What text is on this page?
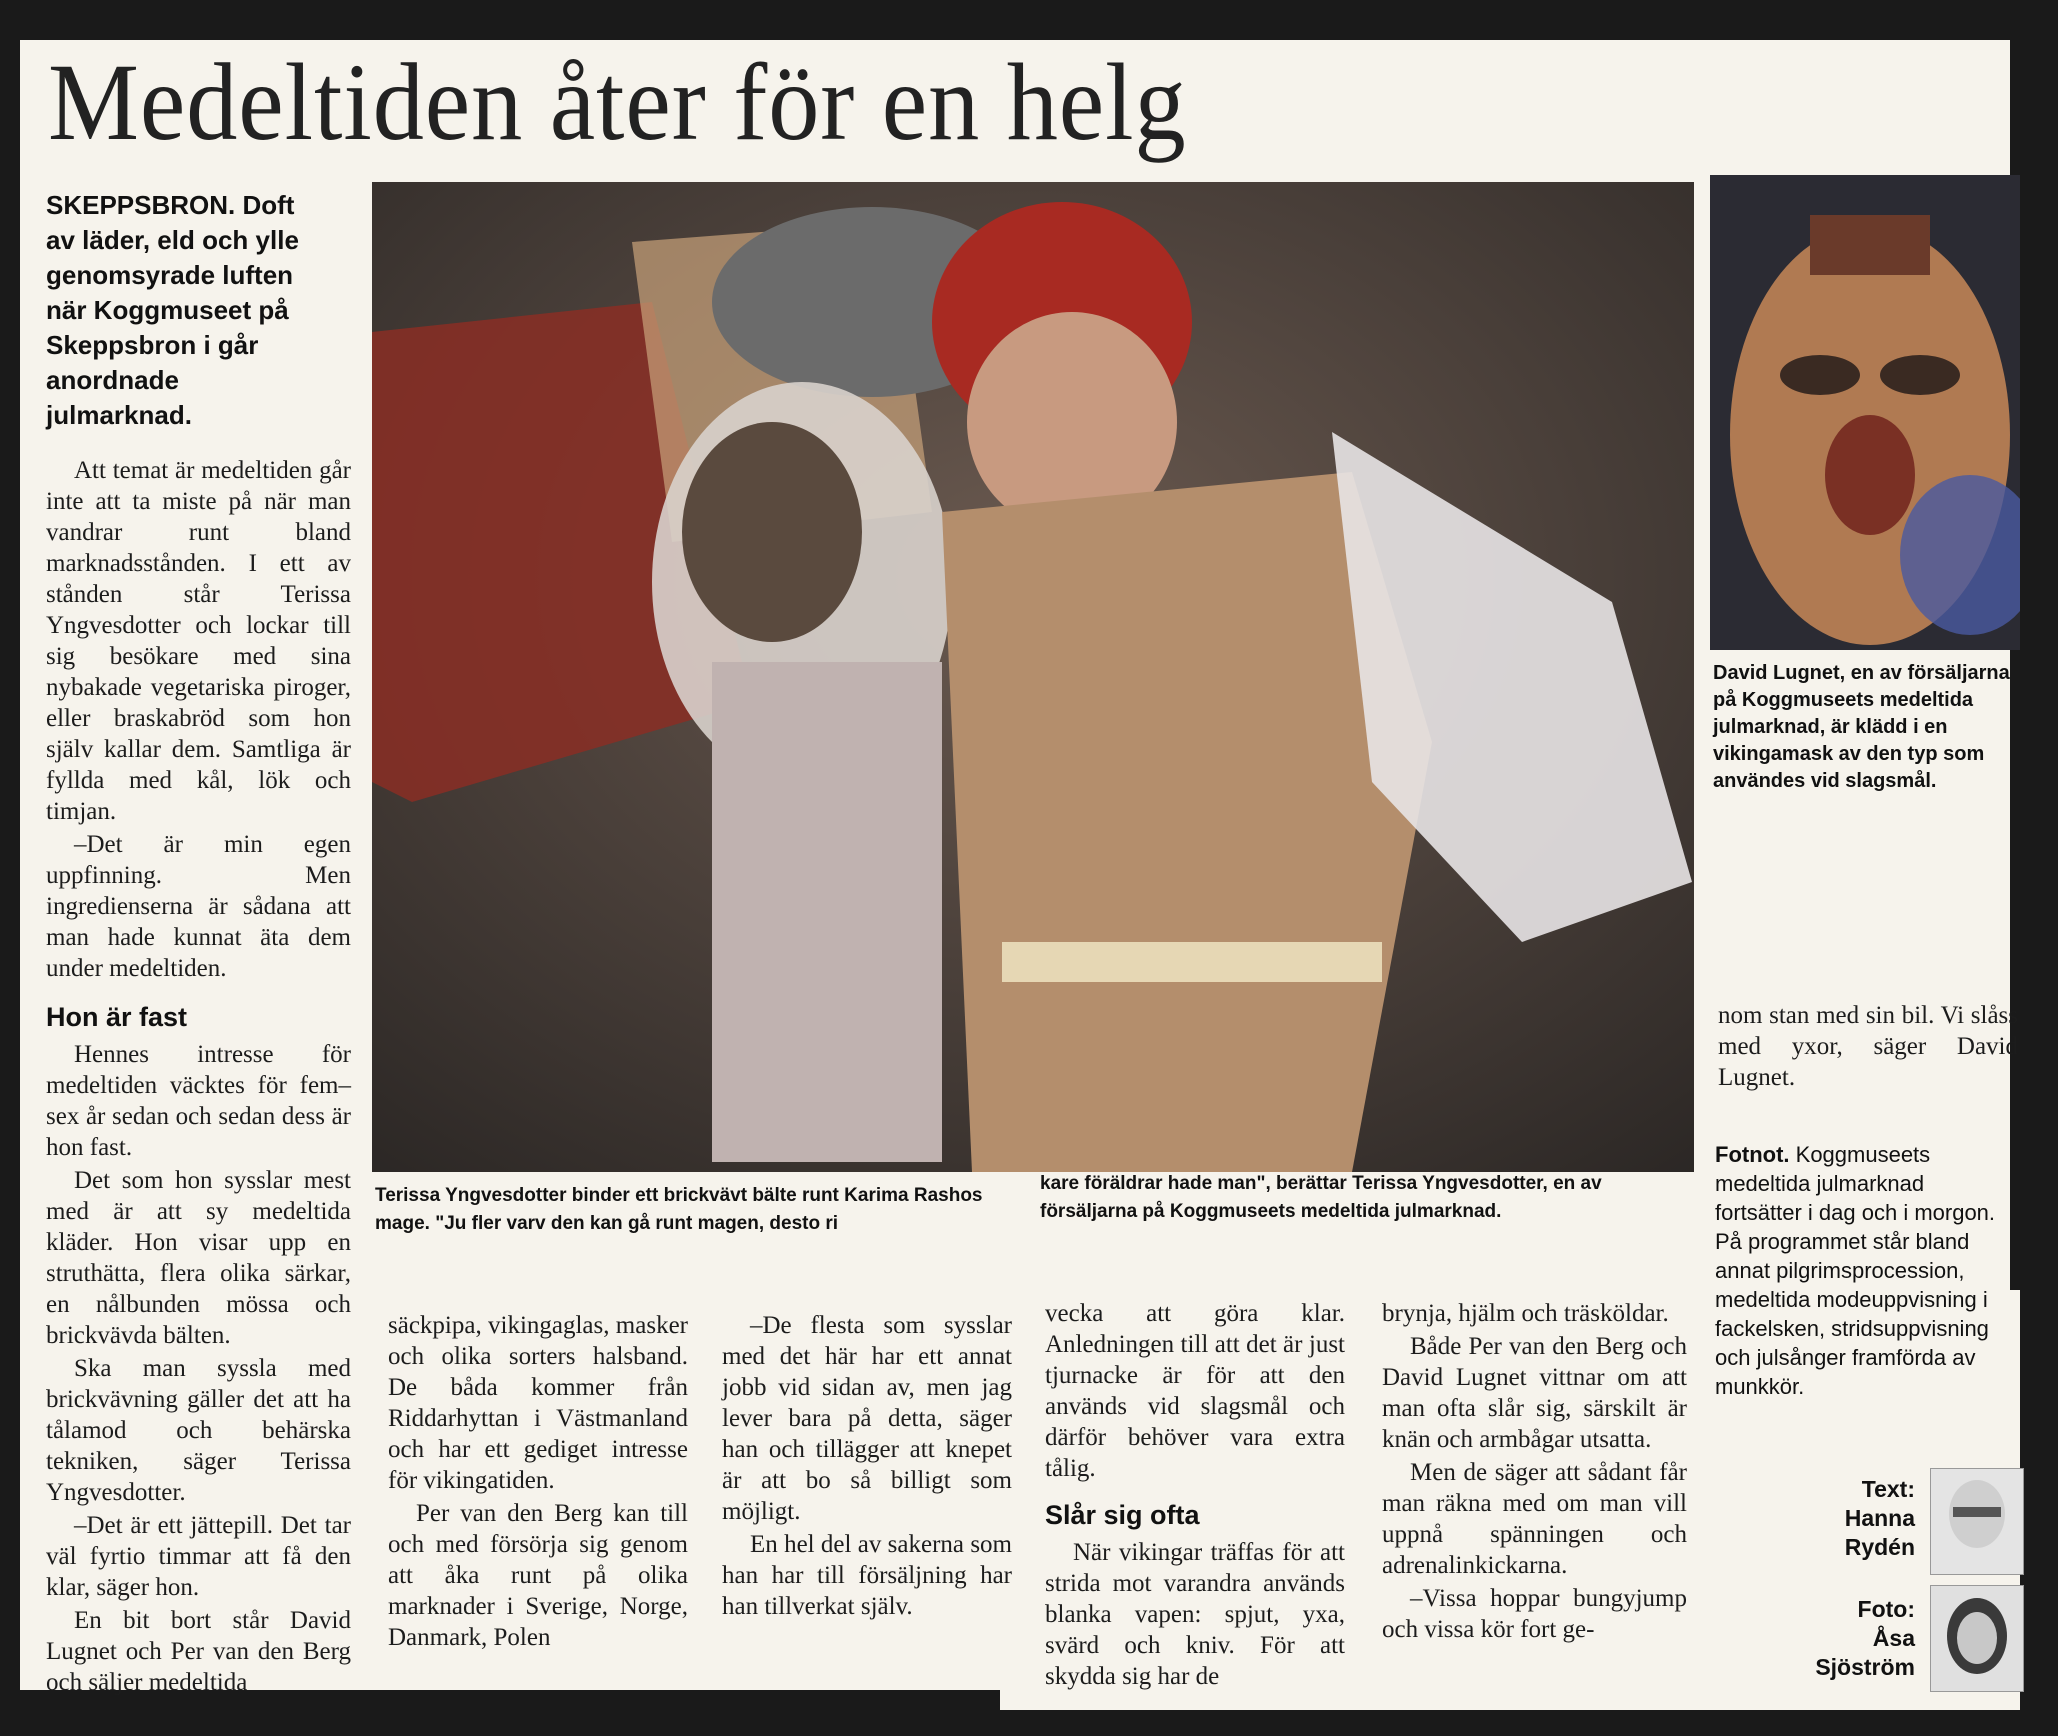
Medeltiden åter för en helg
SKEPPSBRON. Doft av läder, eld och ylle genomsyrade luften när Koggmuseet på Skeppsbron i går anordnade julmarknad.

Att temat är medeltiden går inte att ta miste på när man vandrar runt bland marknadsstånden. I ett av stånden står Terissa Yngvesdotter och lockar till sig besökare med sina nybakade vegetariska piroger, eller braskabröd som hon själv kallar dem. Samtliga är fyllda med kål, lök och timjan.

–Det är min egen uppfinning. Men ingredienserna är sådana att man hade kunnat äta dem under medeltiden.

Hon är fast

Hennes intresse för medeltiden väcktes för fem–sex år sedan och sedan dess är hon fast.

Det som hon sysslar mest med är att sy medeltida kläder. Hon visar upp en struthätta, flera olika särkar, en nålbunden mössa och brickvävda bälten.

Ska man syssla med brickvävning gäller det att ha tålamod och behärska tekniken, säger Terissa Yngvesdotter.

–Det är ett jättepill. Det tar väl fyrtio timmar att få den klar, säger hon.

En bit bort står David Lugnet och Per van den Berg och säljer medeltida

David Lugnet, en av försäljarna på Koggmuseets medeltida julmarknad, är klädd i en vikingamask av den typ som användes vid slagsmål.
Terissa Yngvesdotter binder ett brickvävt bälte runt Karima Rashos mage. "Ju fler varv den kan gå runt magen, desto ri
kare föräldrar hade man", berättar Terissa Yngvesdotter, en av försäljarna på Koggmuseets medeltida julmarknad.

säckpipa, vikingaglas, masker och olika sorters halsband. De båda kommer från Riddarhyttan i Västmanland och har ett gediget intresse för vikingatiden.

Per van den Berg kan till och med försörja sig genom att åka runt på olika marknader i Sverige, Norge, Danmark, Polen

–De flesta som sysslar med det här har ett annat jobb vid sidan av, men jag lever bara på detta, säger han och tillägger att knepet är att bo så billigt som möjligt.

En hel del av sakerna som han har till försäljning har han tillverkat själv.

vecka att göra klar. Anledningen till att det är just tjurnacke är för att den används vid slagsmål och därför behöver vara extra tålig.

Slår sig ofta

När vikingar träffas för att strida mot varandra används blanka vapen: spjut, yxa, svärd och kniv. För att skydda sig har de

brynja, hjälm och träsköldar.

Både Per van den Berg och David Lugnet vittnar om att man ofta slår sig, särskilt är knän och armbågar utsatta.

Men de säger att sådant får man räkna med om man vill uppnå spänningen och adrenalinkickarna.

–Vissa hoppar bungyjump och vissa kör fort ge-

nom stan med sin bil. Vi slåss med yxor, säger David Lugnet.

Fotnot. Koggmuseets medeltida julmarknad fortsätter i dag och i morgon. På programmet står bland annat pilgrimsprocession, medeltida modeuppvisning i fackelsken, stridsuppvisning och julsånger framförda av munkkör.
Text:
Hanna Rydén
Foto:
Åsa Sjöström
